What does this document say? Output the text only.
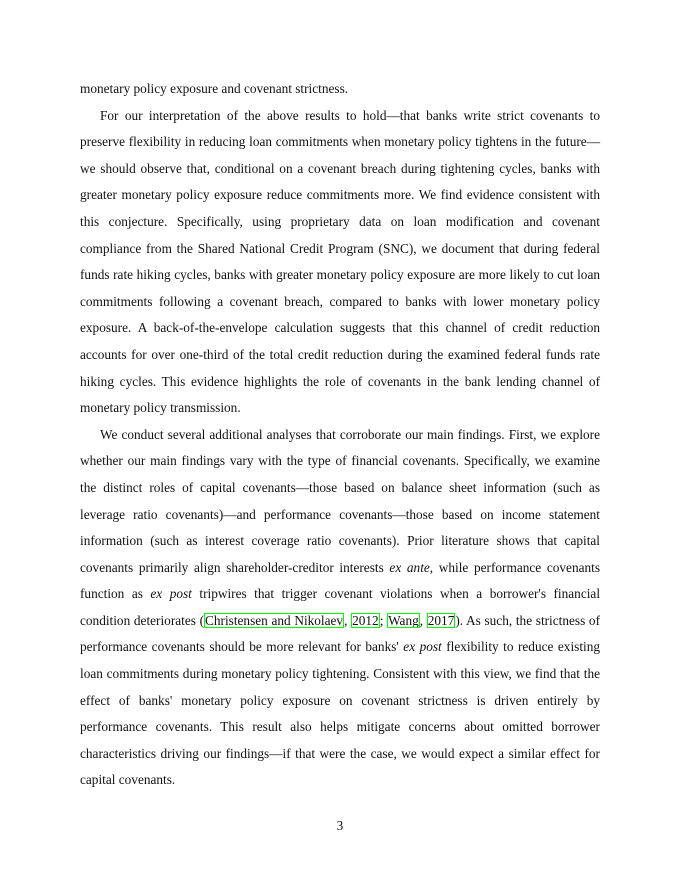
monetary policy exposure and covenant strictness.

For our interpretation of the above results to hold—that banks write strict covenants to preserve flexibility in reducing loan commitments when monetary policy tightens in the future—we should observe that, conditional on a covenant breach during tightening cycles, banks with greater monetary policy exposure reduce commitments more. We find evidence consistent with this conjecture. Specifically, using proprietary data on loan modification and covenant compliance from the Shared National Credit Program (SNC), we document that during federal funds rate hiking cycles, banks with greater monetary policy exposure are more likely to cut loan commitments following a covenant breach, compared to banks with lower monetary policy exposure. A back-of-the-envelope calculation suggests that this channel of credit reduction accounts for over one-third of the total credit reduction during the examined federal funds rate hiking cycles. This evidence highlights the role of covenants in the bank lending channel of monetary policy transmission.

We conduct several additional analyses that corroborate our main findings. First, we explore whether our main findings vary with the type of financial covenants. Specifically, we examine the distinct roles of capital covenants—those based on balance sheet information (such as leverage ratio covenants)—and performance covenants—those based on income statement information (such as interest coverage ratio covenants). Prior literature shows that capital covenants primarily align shareholder-creditor interests ex ante, while performance covenants function as ex post tripwires that trigger covenant violations when a borrower's financial condition deteriorates (Christensen and Nikolaev, 2012; Wang, 2017). As such, the strictness of performance covenants should be more relevant for banks' ex post flexibility to reduce existing loan commitments during monetary policy tightening. Consistent with this view, we find that the effect of banks' monetary policy exposure on covenant strictness is driven entirely by performance covenants. This result also helps mitigate concerns about omitted borrower characteristics driving our findings—if that were the case, we would expect a similar effect for capital covenants.

3
